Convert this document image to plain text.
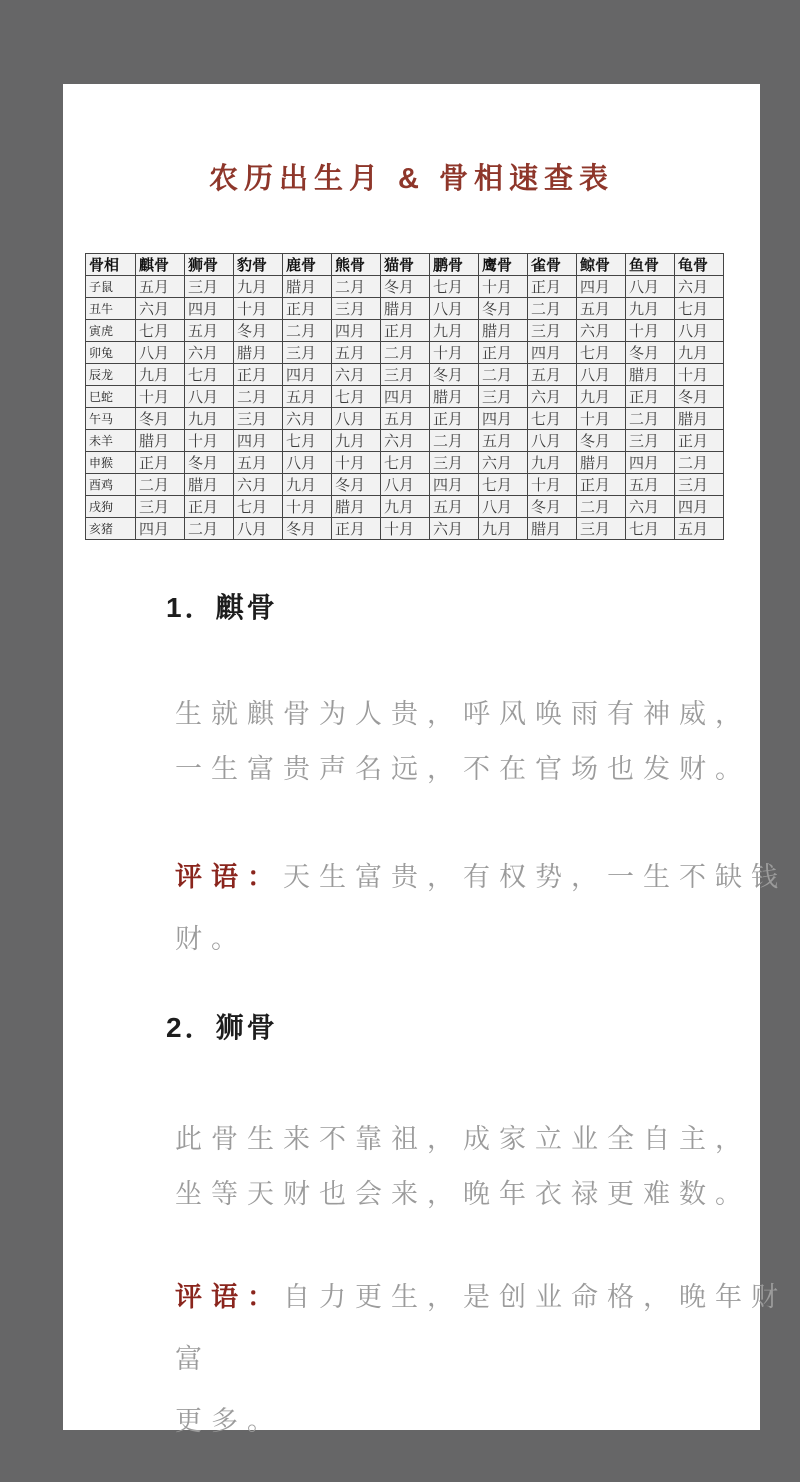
农历出生月 & 骨相速查表
骨相	麒骨	狮骨	豹骨	鹿骨	熊骨	猫骨	鹏骨	鹰骨	雀骨	鲸骨	鱼骨	龟骨
子鼠	五月	三月	九月	腊月	二月	冬月	七月	十月	正月	四月	八月	六月
丑牛	六月	四月	十月	正月	三月	腊月	八月	冬月	二月	五月	九月	七月
寅虎	七月	五月	冬月	二月	四月	正月	九月	腊月	三月	六月	十月	八月
卯兔	八月	六月	腊月	三月	五月	二月	十月	正月	四月	七月	冬月	九月
辰龙	九月	七月	正月	四月	六月	三月	冬月	二月	五月	八月	腊月	十月
巳蛇	十月	八月	二月	五月	七月	四月	腊月	三月	六月	九月	正月	冬月
午马	冬月	九月	三月	六月	八月	五月	正月	四月	七月	十月	二月	腊月
未羊	腊月	十月	四月	七月	九月	六月	二月	五月	八月	冬月	三月	正月
申猴	正月	冬月	五月	八月	十月	七月	三月	六月	九月	腊月	四月	二月
酉鸡	二月	腊月	六月	九月	冬月	八月	四月	七月	十月	正月	五月	三月
戌狗	三月	正月	七月	十月	腊月	九月	五月	八月	冬月	二月	六月	四月
亥猪	四月	二月	八月	冬月	正月	十月	六月	九月	腊月	三月	七月	五月
1．麒骨
生就麒骨为人贵，呼风唤雨有神威，
一生富贵声名远，不在官场也发财。
评语：天生富贵，有权势，一生不缺钱
财。
2．狮骨
此骨生来不靠祖，成家立业全自主，
坐等天财也会来，晚年衣禄更难数。
评语：自力更生，是创业命格，晚年财富
更多。
